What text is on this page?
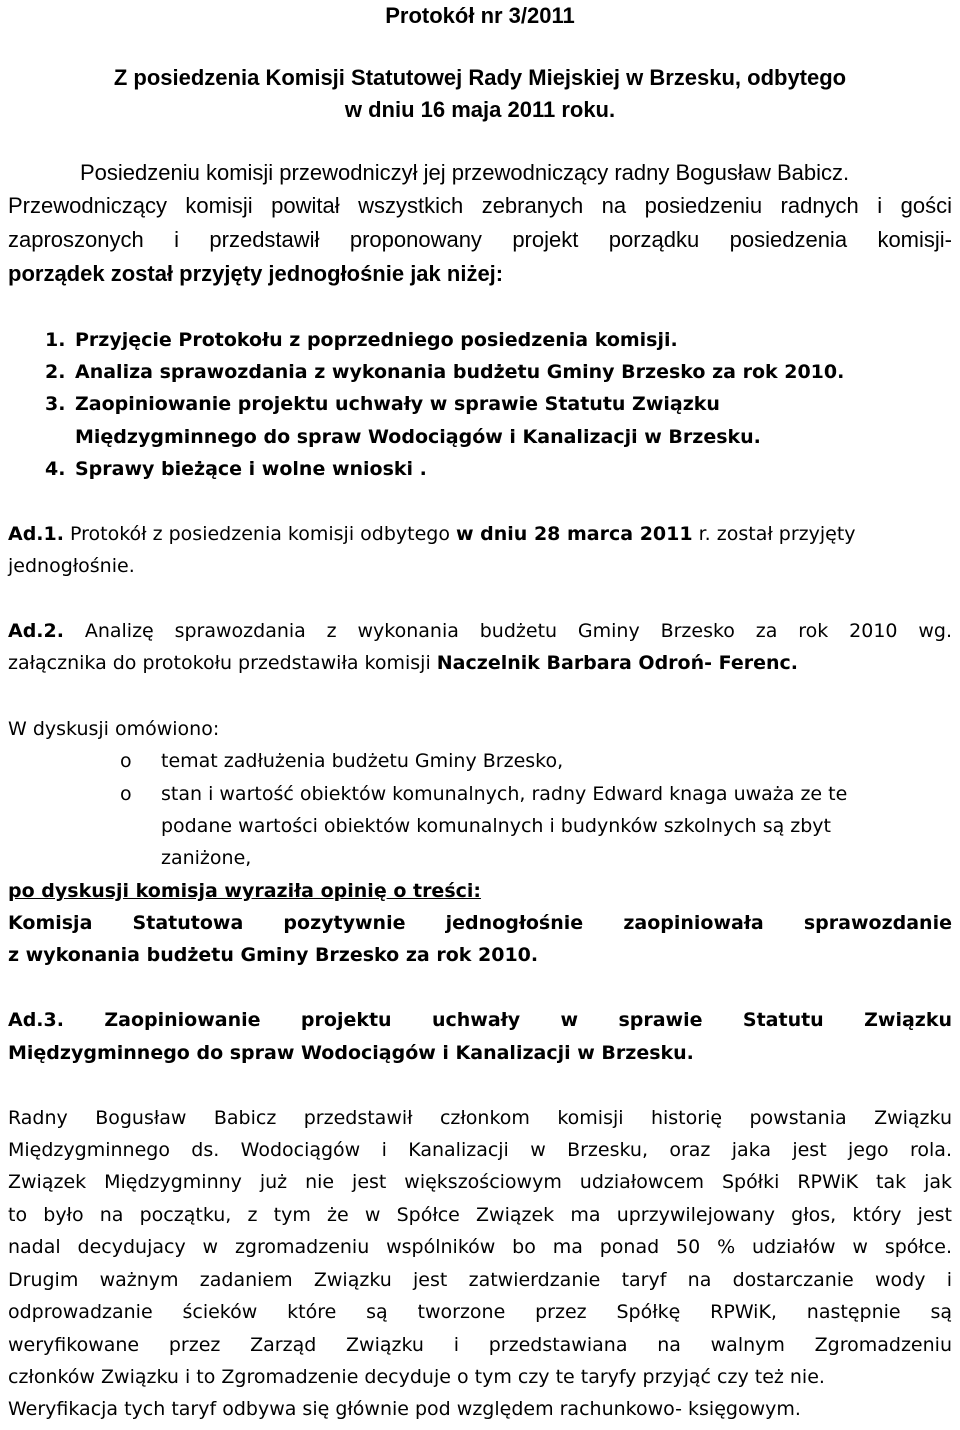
Protokół nr 3/2011
Z posiedzenia Komisji Statutowej Rady Miejskiej w Brzesku, odbytego
w dniu 16 maja 2011 roku.
Posiedzeniu komisji przewodniczył jej przewodniczący radny Bogusław Babicz.
Przewodniczący komisji powitał wszystkich zebranych na posiedzeniu radnych i gości
zaproszonych i przedstawił proponowany projekt porządku posiedzenia komisji-
porządek został przyjęty jednogłośnie jak niżej:
1. Przyjęcie Protokołu z poprzedniego posiedzenia komisji.
2. Analiza sprawozdania z wykonania budżetu Gminy Brzesko za rok 2010.
3. Zaopiniowanie projektu uchwały w sprawie Statutu Związku
Międzygminnego do spraw Wodociągów i Kanalizacji w Brzesku.
4. Sprawy bieżące i wolne wnioski .
Ad.1. Protokół z posiedzenia komisji odbytego w dniu 28 marca 2011 r. został przyjęty
jednogłośnie.
Ad.2. Analizę sprawozdania z wykonania budżetu Gminy Brzesko za rok 2010 wg.
załącznika do protokołu przedstawiła komisji Naczelnik Barbara Odroń- Ferenc.
W dyskusji omówiono:
o temat zadłużenia budżetu Gminy Brzesko,
o stan i wartość obiektów komunalnych, radny Edward knaga uważa ze te
podane wartości obiektów komunalnych i budynków szkolnych są zbyt
zaniżone,
po dyskusji komisja wyraziła opinię o treści:
Komisja Statutowa pozytywnie jednogłośnie zaopiniowała sprawozdanie
z wykonania budżetu Gminy Brzesko za rok 2010.
Ad.3. Zaopiniowanie projektu uchwały w sprawie Statutu Związku
Międzygminnego do spraw Wodociągów i Kanalizacji w Brzesku.
Radny Bogusław Babicz przedstawił członkom komisji historię powstania Związku
Międzygminnego ds. Wodociągów i Kanalizacji w Brzesku, oraz jaka jest jego rola.
Związek Międzygminny już nie jest większościowym udziałowcem Spółki RPWiK tak jak
to było na początku, z tym że w Spółce Związek ma uprzywilejowany głos, który jest
nadal decydujacy w zgromadzeniu wspólników bo ma ponad 50 % udziałów w spółce.
Drugim ważnym zadaniem Związku jest zatwierdzanie taryf na dostarczanie wody i
odprowadzanie ścieków które są tworzone przez Spółkę RPWiK, następnie są
weryfikowane przez Zarząd Związku i przedstawiana na walnym Zgromadzeniu
członków Związku i to Zgromadzenie decyduje o tym czy te taryfy przyjąć czy też nie.
Weryfikacja tych taryf odbywa się głównie pod względem rachunkowo- księgowym.
